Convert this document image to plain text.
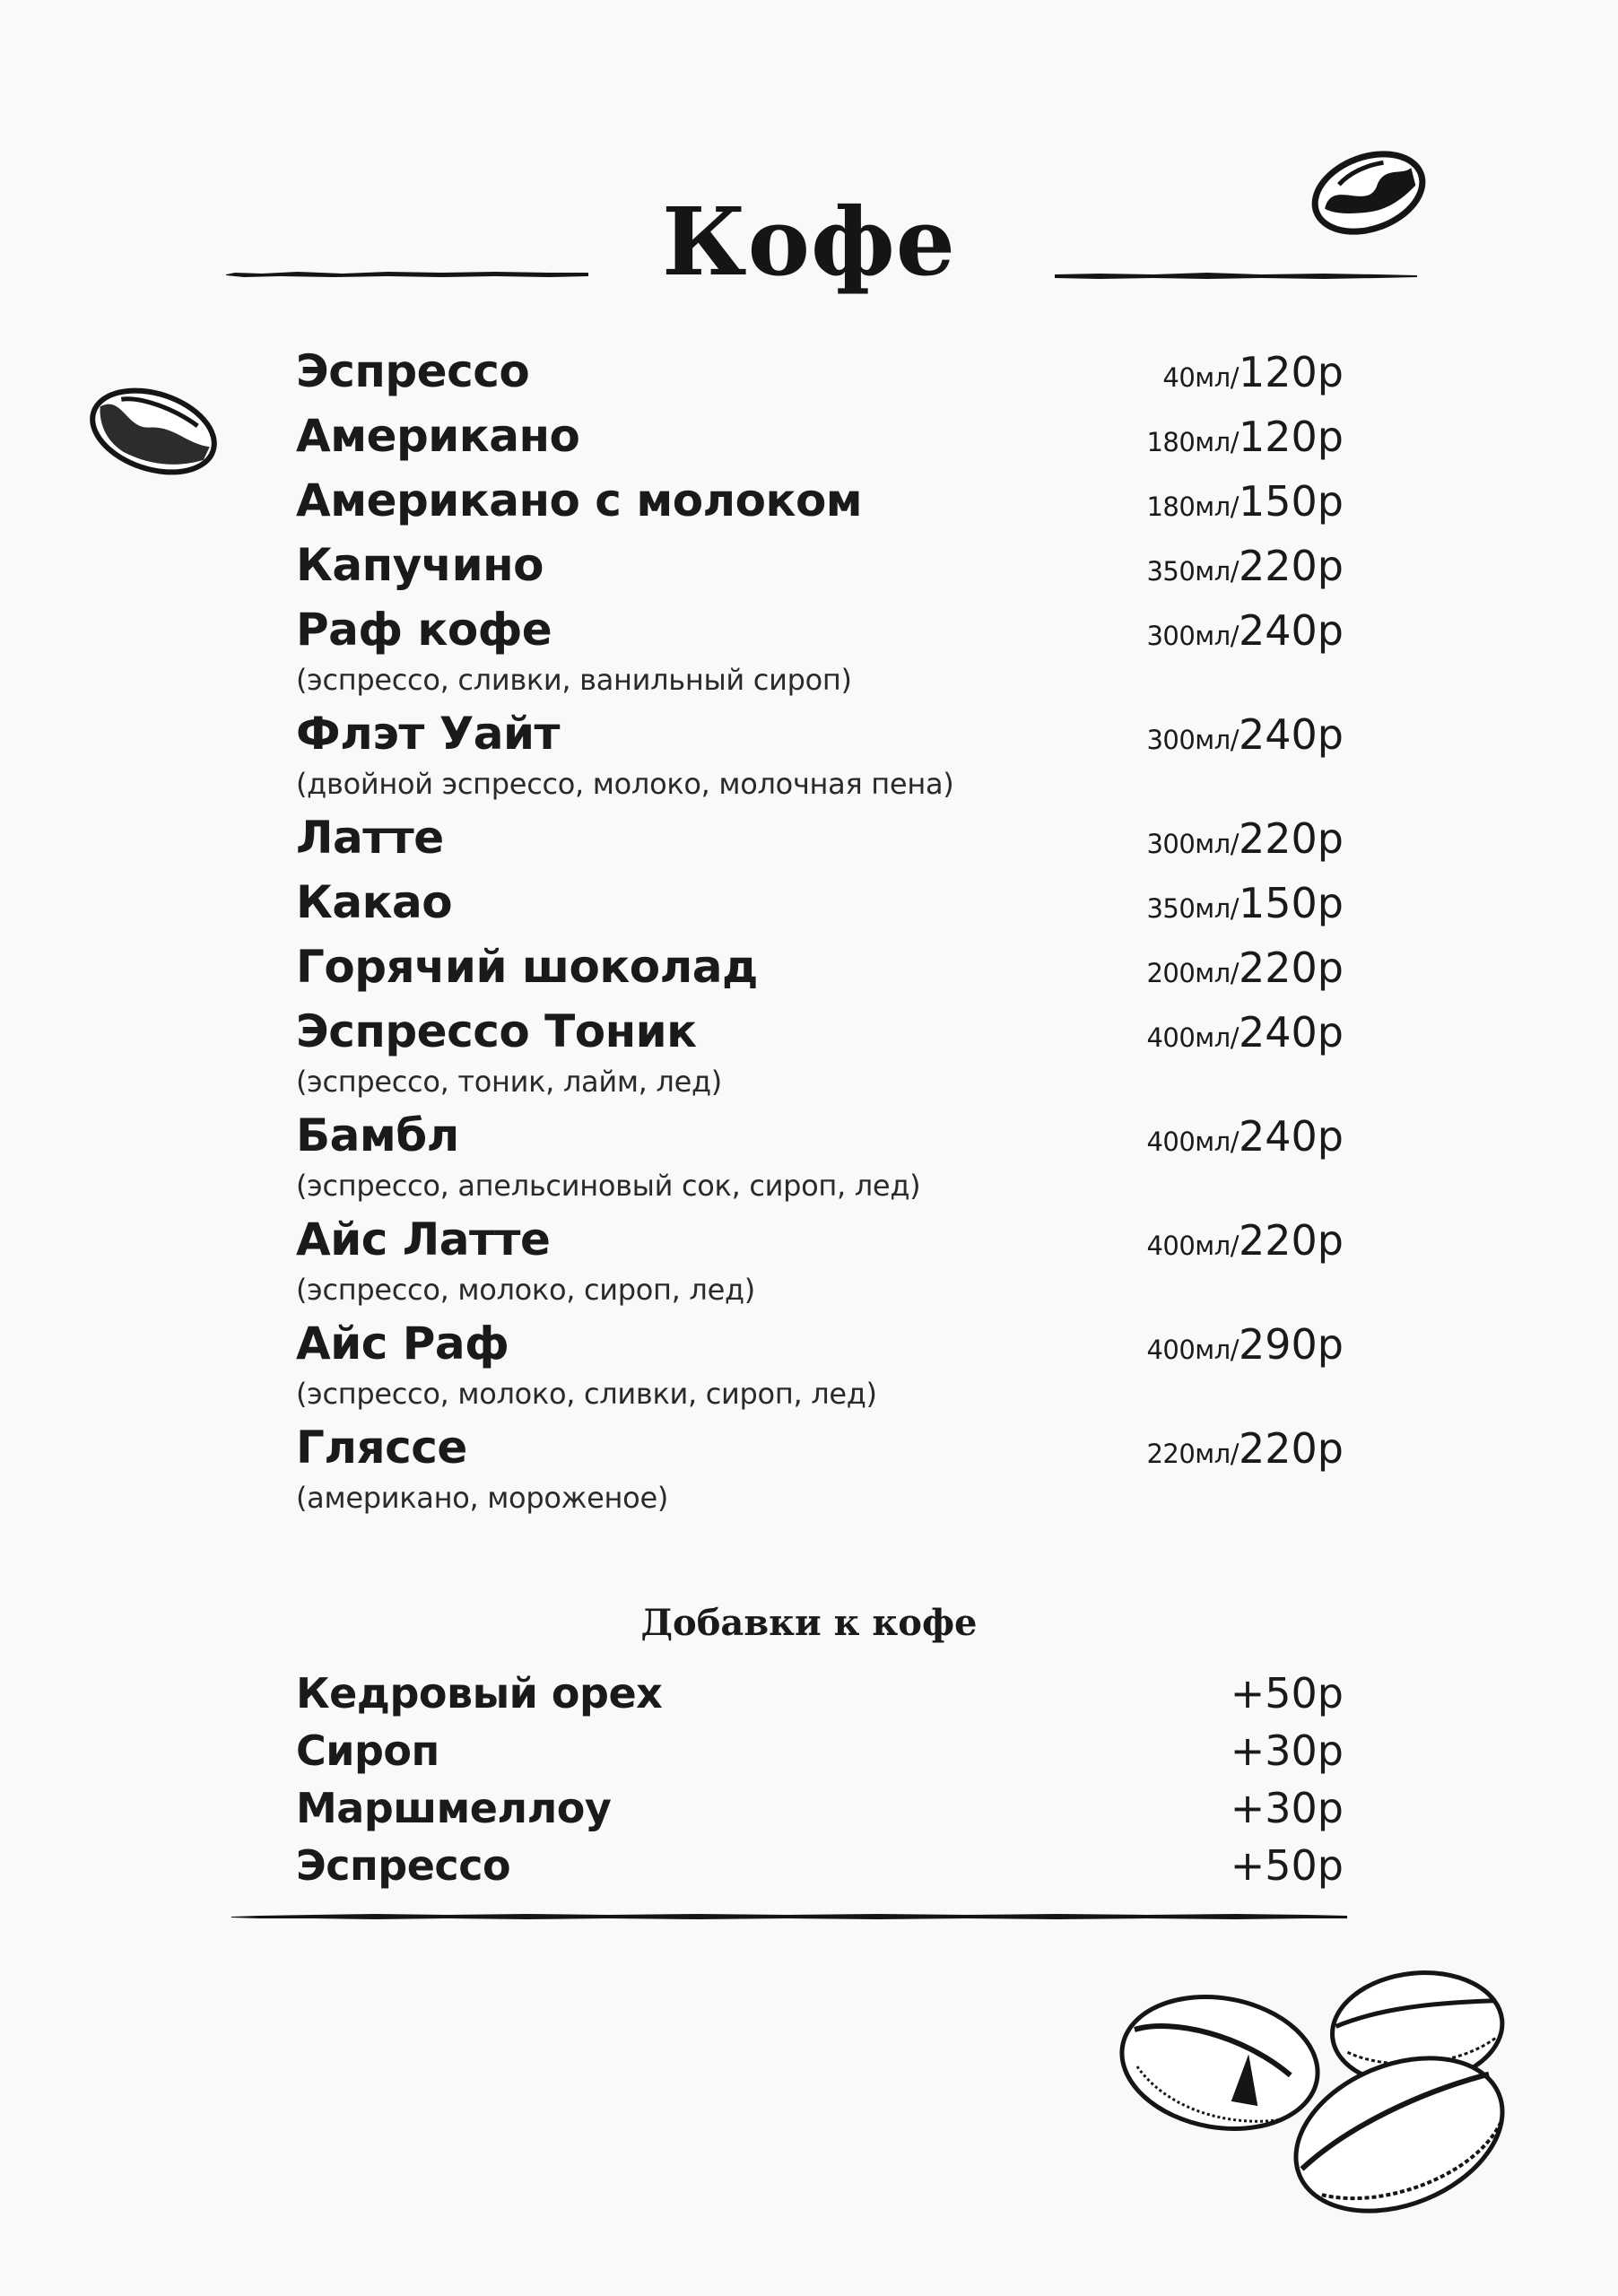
Кофе
Эспрессо	40мл/120р
Американо	180мл/120р
Американо с молоком	180мл/150р
Капучино	350мл/220р
Раф кофе	300мл/240р
(эспрессо, сливки, ванильный сироп)
Флэт Уайт	300мл/240р
(двойной эспрессо, молоко, молочная пена)
Латте	300мл/220р
Какао	350мл/150р
Горячий шоколад	200мл/220р
Эспрессо Тоник	400мл/240р
(эспрессо, тоник, лайм, лед)
Бамбл	400мл/240р
(эспрессо, апельсиновый сок, сироп, лед)
Айс Латте	400мл/220р
(эспрессо, молоко, сироп, лед)
Айс Раф	400мл/290р
(эспрессо, молоко, сливки, сироп, лед)
Гляссе	220мл/220р
(американо, мороженое)
Добавки к кофе
Кедровый орех	+50р
Сироп	+30р
Маршмеллоу	+30р
Эспрессо	+50р
